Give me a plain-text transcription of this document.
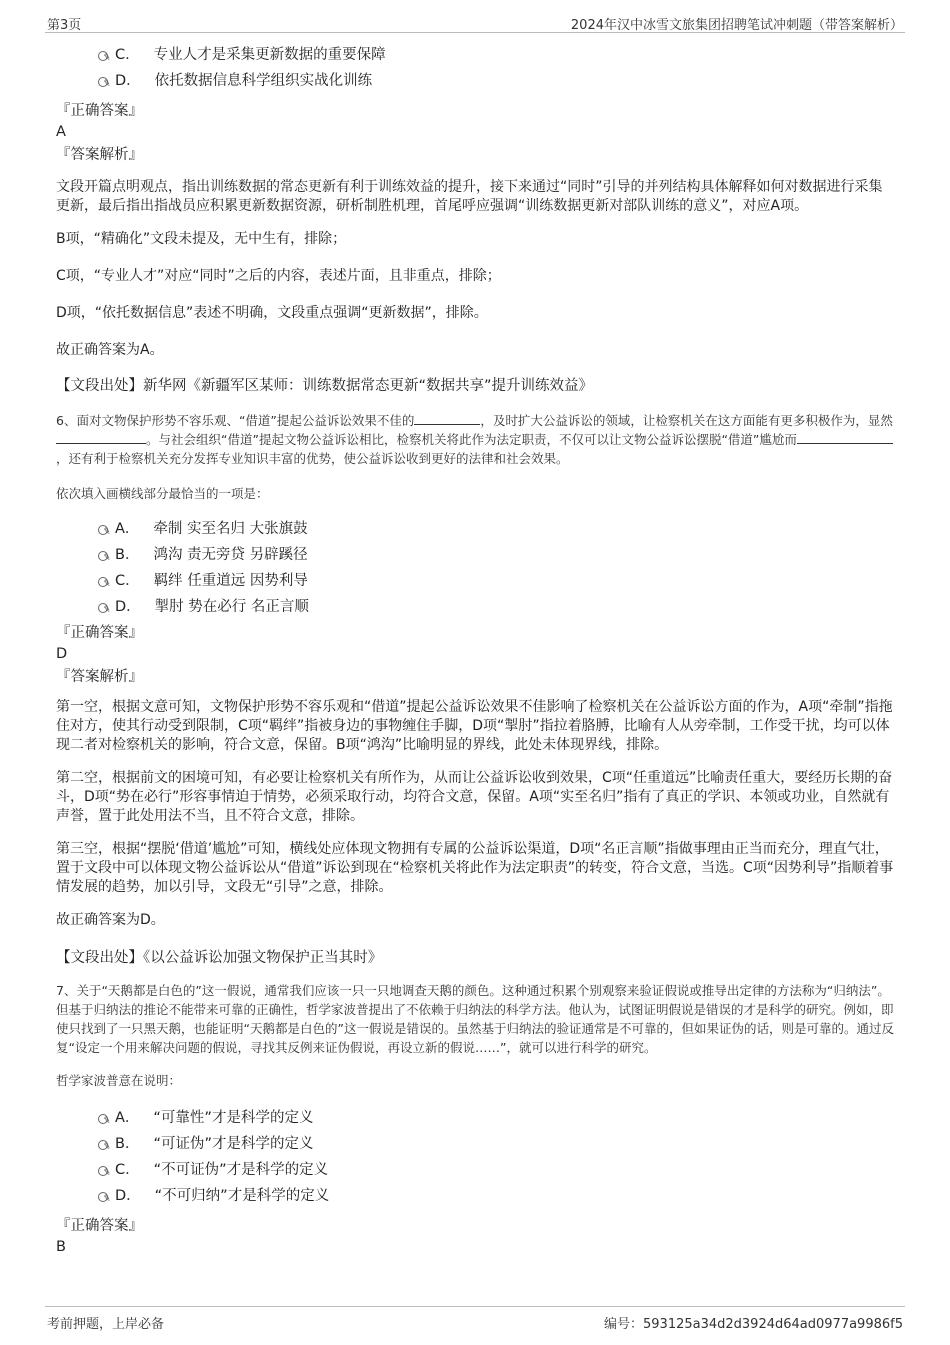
第3页	2024年汉中冰雪文旅集团招聘笔试冲刺题（带答案解析）
✎ C． 专业人才是采集更新数据的重要保障
✎ D． 依托数据信息科学组织实战化训练
『正确答案』
A
『答案解析』

文段开篇点明观点，指出训练数据的常态更新有利于训练效益的提升，接下来通过“同时”引导的并列结构具体解释如何对数据进行采集更新，最后指出指战员应积累更新数据资源，研析制胜机理，首尾呼应强调“训练数据更新对部队训练的意义”，对应A项。

B项，“精确化”文段未提及，无中生有，排除；

C项，“专业人才”对应“同时”之后的内容，表述片面，且非重点，排除；

D项，“依托数据信息”表述不明确，文段重点强调“更新数据”，排除。

故正确答案为A。

【文段出处】新华网《新疆军区某师：训练数据常态更新“数据共享”提升训练效益》
6、面对文物保护形势不容乐观、“借道”提起公益诉讼效果不佳的	，及时扩大公益诉讼的领域，让检察机关在这方面能有更多积极作为，显然。与社会组织“借道”提起文物公益诉讼相比，检察机关将此作为法定职责，不仅可以让文物公益诉讼摆脱“借道”尴尬而，还有利于检察机关充分发挥专业知识丰富的优势，使公益诉讼收到更好的法律和社会效果。
依次填入画横线部分最恰当的一项是：
✎ A． 牵制 实至名归 大张旗鼓
✎ B． 鸿沟 责无旁贷 另辟蹊径
✎ C． 羁绊 任重道远 因势利导
✎ D． 掣肘 势在必行 名正言顺
『正确答案』
D
『答案解析』

第一空，根据文意可知，文物保护形势不容乐观和“借道”提起公益诉讼效果不佳影响了检察机关在公益诉讼方面的作为，A项“牵制”指拖住对方，使其行动受到限制，C项“羁绊”指被身边的事物缠住手脚，D项“掣肘”指拉着胳膊，比喻有人从旁牵制，工作受干扰，均可以体现二者对检察机关的影响，符合文意，保留。B项“鸿沟”比喻明显的界线，此处未体现界线，排除。

第二空，根据前文的困境可知，有必要让检察机关有所作为，从而让公益诉讼收到效果，C项“任重道远”比喻责任重大，要经历长期的奋斗，D项“势在必行”形容事情迫于情势，必须采取行动，均符合文意，保留。A项“实至名归”指有了真正的学识、本领或功业，自然就有声誉，置于此处用法不当，且不符合文意，排除。

第三空，根据“摆脱‘借道’尴尬”可知，横线处应体现文物拥有专属的公益诉讼渠道，D项“名正言顺”指做事理由正当而充分，理直气壮，置于文段中可以体现文物公益诉讼从“借道”诉讼到现在“检察机关将此作为法定职责”的转变，符合文意，当选。C项“因势利导”指顺着事情发展的趋势，加以引导，文段无“引导”之意，排除。

故正确答案为D。

【文段出处】《以公益诉讼加强文物保护正当其时》
7、关于“天鹅都是白色的”这一假说，通常我们应该一只一只地调查天鹅的颜色。这种通过积累个别观察来验证假说或推导出定律的方法称为“归纳法”。但基于归纳法的推论不能带来可靠的正确性，哲学家波普提出了不依赖于归纳法的科学方法。他认为，试图证明假说是错误的才是科学的研究。例如，即使只找到了一只黑天鹅，也能证明“天鹅都是白色的”这一假说是错误的。虽然基于归纳法的验证通常是不可靠的，但如果证伪的话，则是可靠的。通过反复“设定一个用来解决问题的假说，寻找其反例来证伪假说，再设立新的假说……”，就可以进行科学的研究。
哲学家波普意在说明：
✎ A． “可靠性”才是科学的定义
✎ B． “可证伪”才是科学的定义
✎ C． “不可证伪”才是科学的定义
✎ D． “不可归纳”才是科学的定义
『正确答案』
B
考前押题，上岸必备	编号：593125a34d2d3924d64ad0977a9986f5
